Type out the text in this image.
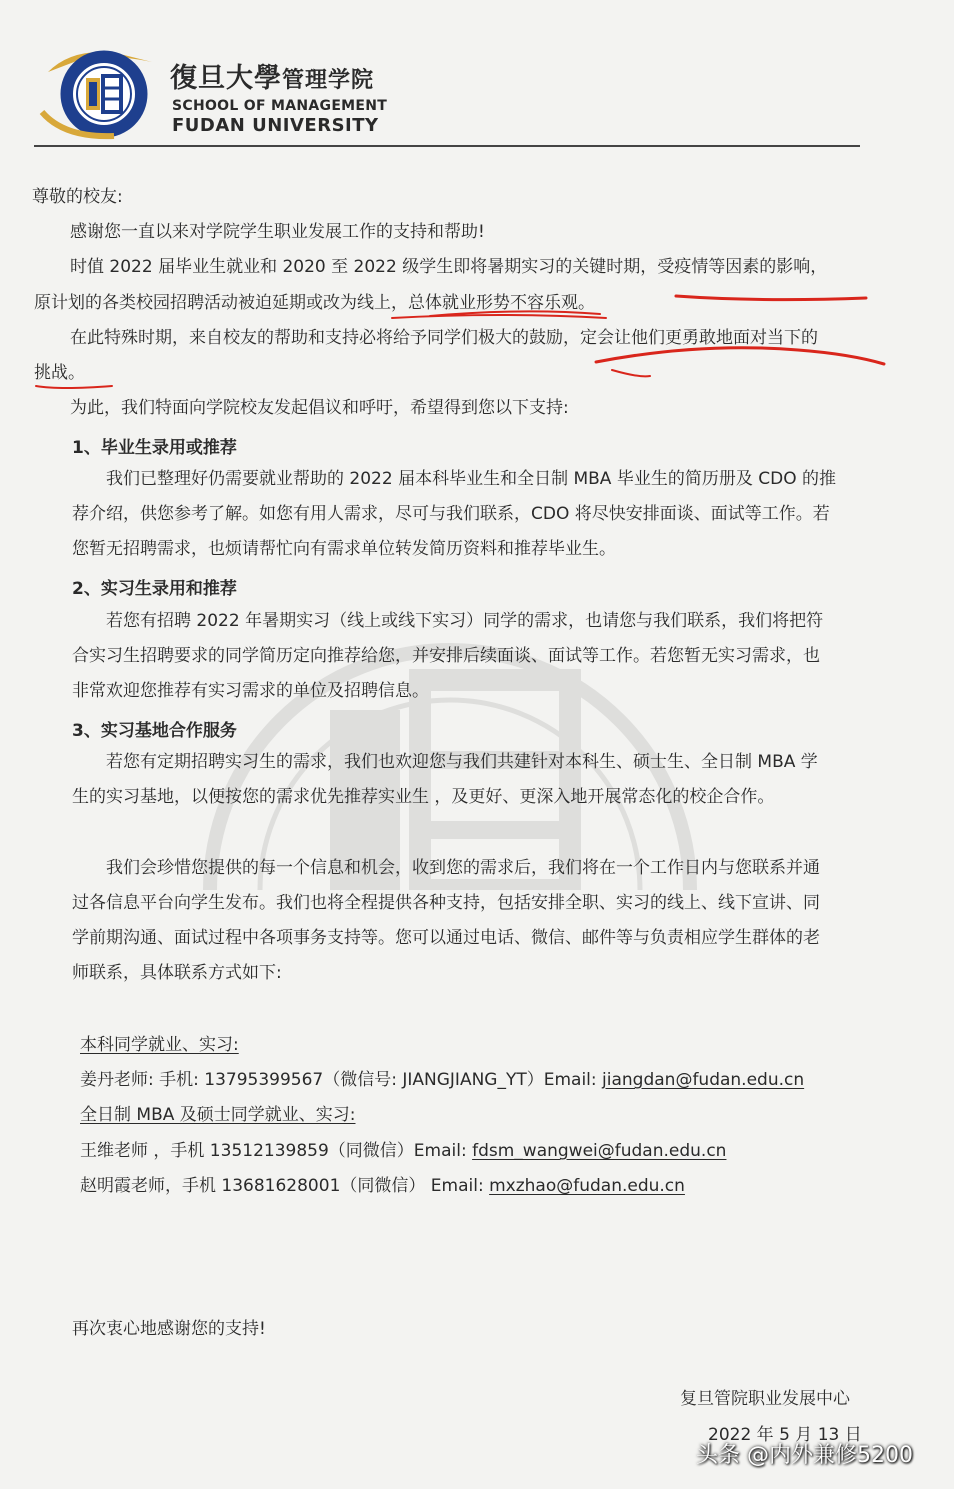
復旦大學管理学院
SCHOOL OF MANAGEMENT
FUDAN UNIVERSITY
尊敬的校友:
感谢您一直以来对学院学生职业发展工作的支持和帮助!
时值 2022 届毕业生就业和 2020 至 2022 级学生即将暑期实习的关键时期，受疫情等因素的影响，
原计划的各类校园招聘活动被迫延期或改为线上，总体就业形势不容乐观。
在此特殊时期，来自校友的帮助和支持必将给予同学们极大的鼓励，定会让他们更勇敢地面对当下的
挑战。
为此，我们特面向学院校友发起倡议和呼吁，希望得到您以下支持:
1、毕业生录用或推荐
我们已整理好仍需要就业帮助的 2022 届本科毕业生和全日制 MBA 毕业生的简历册及 CDO 的推
荐介绍，供您参考了解。如您有用人需求，尽可与我们联系，CDO 将尽快安排面谈、面试等工作。若
您暂无招聘需求，也烦请帮忙向有需求单位转发简历资料和推荐毕业生。
2、实习生录用和推荐
若您有招聘 2022 年暑期实习（线上或线下实习）同学的需求，也请您与我们联系，我们将把符
合实习生招聘要求的同学简历定向推荐给您，并安排后续面谈、面试等工作。若您暂无实习需求，也
非常欢迎您推荐有实习需求的单位及招聘信息。
3、实习基地合作服务
若您有定期招聘实习生的需求，我们也欢迎您与我们共建针对本科生、硕士生、全日制 MBA 学
生的实习基地，以便按您的需求优先推荐实业生 ，及更好、更深入地开展常态化的校企合作。
我们会珍惜您提供的每一个信息和机会，收到您的需求后，我们将在一个工作日内与您联系并通
过各信息平台向学生发布。我们也将全程提供各种支持，包括安排全职、实习的线上、线下宣讲、同
学前期沟通、面试过程中各项事务支持等。您可以通过电话、微信、邮件等与负责相应学生群体的老
师联系，具体联系方式如下:
本科同学就业、实习:
姜丹老师: 手机: 13795399567（微信号: JIANGJIANG_YT）Email: jiangdan@fudan.edu.cn
全日制 MBA 及硕士同学就业、实习:
王维老师 ，手机 13512139859（同微信）Email: fdsm_wangwei@fudan.edu.cn
赵明霞老师，手机 13681628001（同微信） Email: mxzhao@fudan.edu.cn
再次衷心地感谢您的支持!
复旦管院职业发展中心
2022 年 5 月 13 日
头条 @内外兼修5200
